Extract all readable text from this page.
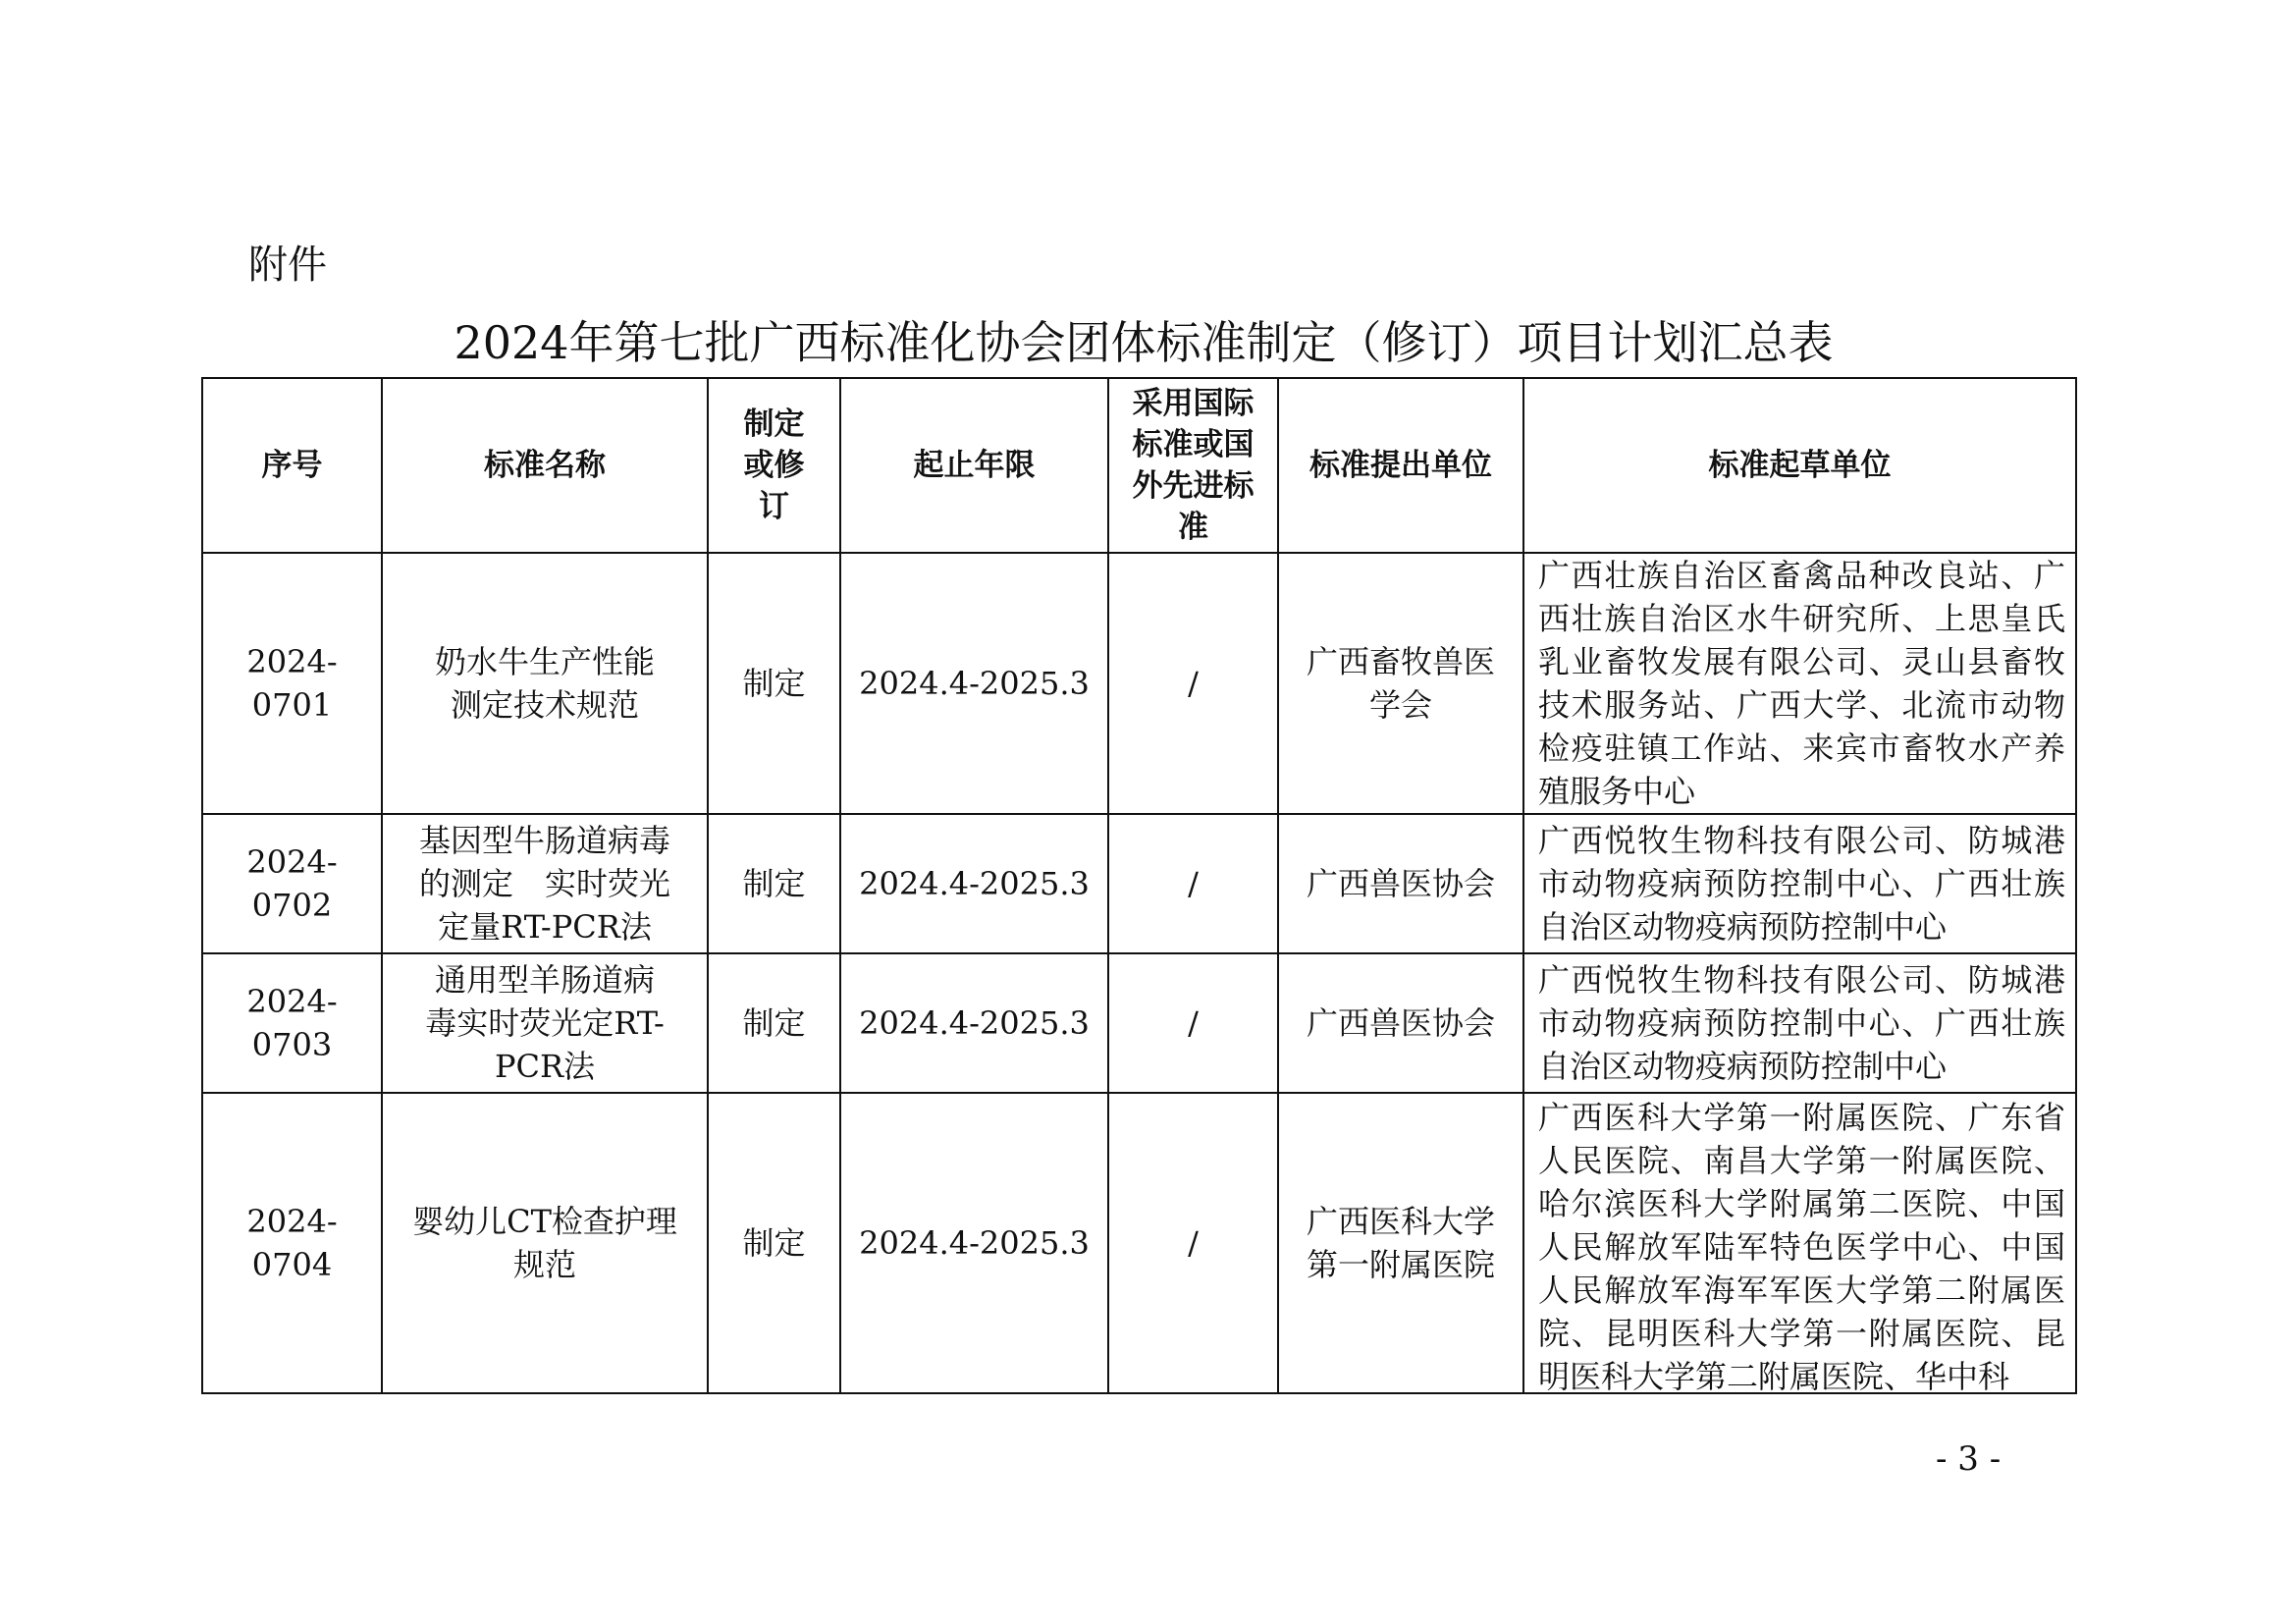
附件
2024年第七批广西标准化协会团体标准制定（修订）项目计划汇总表
序号	标准名称	制定或修订	起止年限	采用国际标准或国外先进标准	标准提出单位	标准起草单位
2024-0701	奶水牛生产性能测定技术规范	制定	2024.4-2025.3	/	广西畜牧兽医学会	广西壮族自治区畜禽品种改良站、广西壮族自治区水牛研究所、上思皇氏乳业畜牧发展有限公司、灵山县畜牧技术服务站、广西大学、北流市动物检疫驻镇工作站、来宾市畜牧水产养殖服务中心
2024-0702	基因型牛肠道病毒的测定　实时荧光定量RT-PCR法	制定	2024.4-2025.3	/	广西兽医协会	广西悦牧生物科技有限公司、防城港市动物疫病预防控制中心、广西壮族自治区动物疫病预防控制中心
2024-0703	通用型羊肠道病毒实时荧光定RT-PCR法	制定	2024.4-2025.3	/	广西兽医协会	广西悦牧生物科技有限公司、防城港市动物疫病预防控制中心、广西壮族自治区动物疫病预防控制中心
2024-0704	婴幼儿CT检查护理规范	制定	2024.4-2025.3	/	广西医科大学第一附属医院	广西医科大学第一附属医院、广东省人民医院、南昌大学第一附属医院、哈尔滨医科大学附属第二医院、中国人民解放军陆军特色医学中心、中国人民解放军海军军医大学第二附属医院、昆明医科大学第一附属医院、昆明医科大学第二附属医院、华中科
- 3 -
